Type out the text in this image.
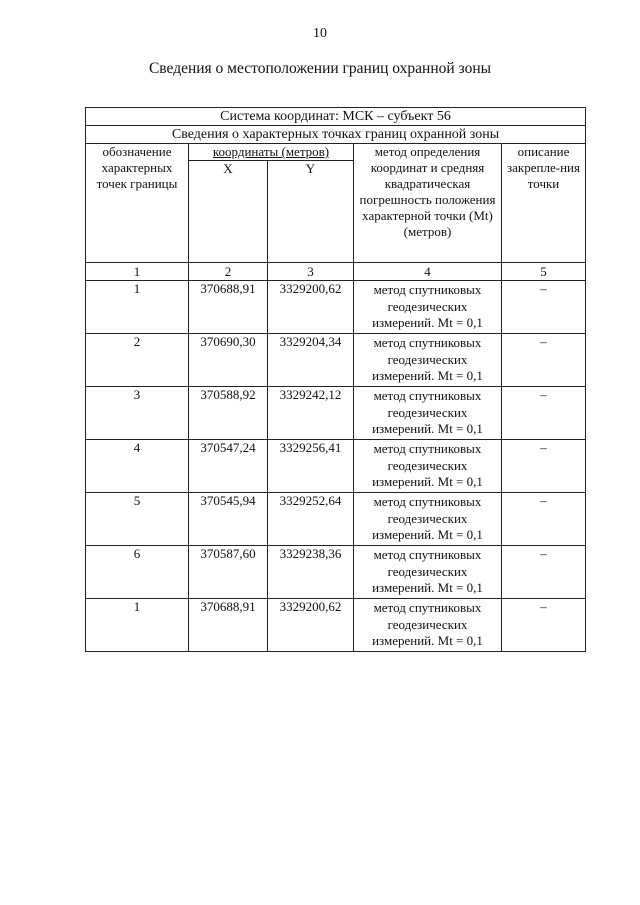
10
Сведения о местоположении границ охранной зоны
Система координат: МСК – субъект 56				
Сведения о характерных точках границ охранной зоны				
обозначение характерных точек границы	координаты (метров)		метод определения координат и средняя квадратическая погрешность положения характерной точки (Mt) (метров)	описание закрепле-ния точки
	X	Y		
1	2	3	4	5
1	370688,91	3329200,62	метод спутниковых геодезических измерений. Mt = 0,1	–
2	370690,30	3329204,34	метод спутниковых геодезических измерений. Mt = 0,1	–
3	370588,92	3329242,12	метод спутниковых геодезических измерений. Mt = 0,1	–
4	370547,24	3329256,41	метод спутниковых геодезических измерений. Mt = 0,1	–
5	370545,94	3329252,64	метод спутниковых геодезических измерений. Mt = 0,1	–
6	370587,60	3329238,36	метод спутниковых геодезических измерений. Mt = 0,1	–
1	370688,91	3329200,62	метод спутниковых геодезических измерений. Mt = 0,1	–
